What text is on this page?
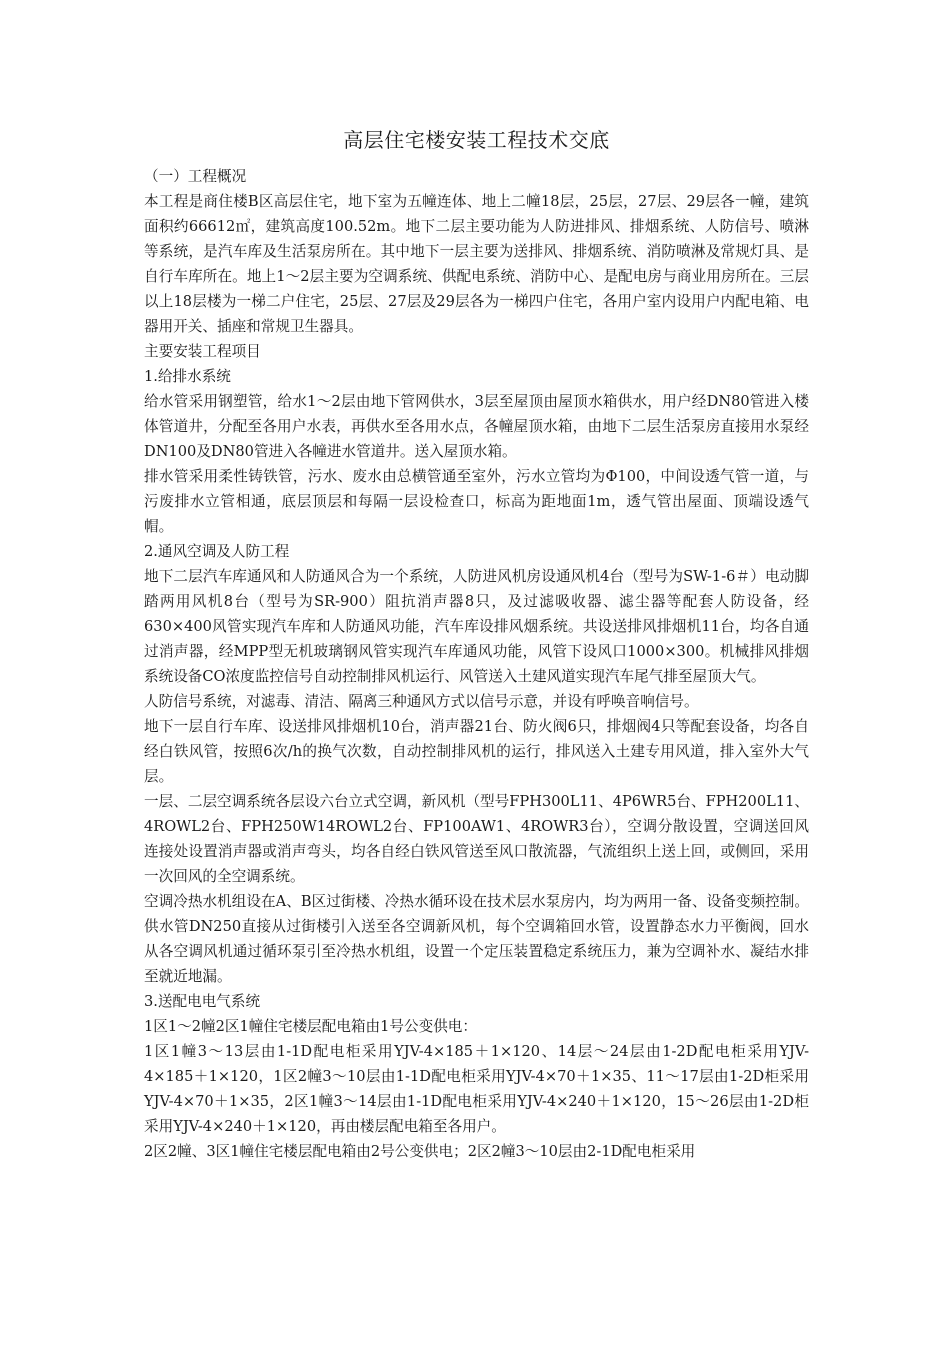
高层住宅楼安装工程技术交底

（一）工程概况

本工程是商住楼B区高层住宅，地下室为五幢连体、地上二幢18层，25层，27层、29层各一幢，建筑面积约66612㎡，建筑高度100.52m。地下二层主要功能为人防进排风、排烟系统、人防信号、喷淋等系统，是汽车库及生活泵房所在。其中地下一层主要为送排风、排烟系统、消防喷淋及常规灯具、是自行车库所在。地上1～2层主要为空调系统、供配电系统、消防中心、是配电房与商业用房所在。三层以上18层楼为一梯二户住宅，25层、27层及29层各为一梯四户住宅，各用户室内设用户内配电箱、电器用开关、插座和常规卫生器具。

主要安装工程项目

1.给排水系统

给水管采用钢塑管，给水1～2层由地下管网供水，3层至屋顶由屋顶水箱供水，用户经DN80管进入楼体管道井，分配至各用户水表，再供水至各用水点，各幢屋顶水箱，由地下二层生活泵房直接用水泵经DN100及DN80管进入各幢进水管道井。送入屋顶水箱。

排水管采用柔性铸铁管，污水、废水由总横管通至室外，污水立管均为Φ100，中间设透气管一道，与污废排水立管相通，底层顶层和每隔一层设检查口，标高为距地面1m，透气管出屋面、顶端设透气帽。

2.通风空调及人防工程

地下二层汽车库通风和人防通风合为一个系统，人防进风机房设通风机4台（型号为SW-1-6＃）电动脚踏两用风机8台（型号为SR-900）阻抗消声器8只，及过滤吸收器、滤尘器等配套人防设备，经630×400风管实现汽车库和人防通风功能，汽车库设排风烟系统。共设送排风排烟机11台，均各自通过消声器，经MPP型无机玻璃钢风管实现汽车库通风功能，风管下设风口1000×300。机械排风排烟系统设备CO浓度监控信号自动控制排风机运行、风管送入土建风道实现汽车尾气排至屋顶大气。

人防信号系统，对滤毒、清洁、隔离三种通风方式以信号示意，并设有呼唤音响信号。

地下一层自行车库、设送排风排烟机10台，消声器21台、防火阀6只，排烟阀4只等配套设备，均各自经白铁风管，按照6次/h的换气次数，自动控制排风机的运行，排风送入土建专用风道，排入室外大气层。

一层、二层空调系统各层设六台立式空调，新风机（型号FPH300L11、4P6WR5台、FPH200L11、4ROWL2台、FPH250W14ROWL2台、FP100AW1、4ROWR3台），空调分散设置，空调送回风连接处设置消声器或消声弯头，均各自经白铁风管送至风口散流器，气流组织上送上回，或侧回，采用一次回风的全空调系统。

空调冷热水机组设在A、B区过街楼、冷热水循环设在技术层水泵房内，均为两用一备、设备变频控制。供水管DN250直接从过街楼引入送至各空调新风机，每个空调箱回水管，设置静态水力平衡阀，回水从各空调风机通过循环泵引至冷热水机组，设置一个定压装置稳定系统压力，兼为空调补水、凝结水排至就近地漏。

3.送配电电气系统

1区1～2幢2区1幢住宅楼层配电箱由1号公变供电：

1区1幢3～13层由1-1D配电柜采用YJV-4×185＋1×120、14层～24层由1-2D配电柜采用YJV-4×185＋1×120，1区2幢3～10层由1-1D配电柜采用YJV-4×70＋1×35、11～17层由1-2D柜采用YJV-4×70＋1×35，2区1幢3～14层由1-1D配电柜采用YJV-4×240＋1×120，15～26层由1-2D柜采用YJV-4×240＋1×120，再由楼层配电箱至各用户。

2区2幢、3区1幢住宅楼层配电箱由2号公变供电；2区2幢3～10层由2-1D配电柜采用
